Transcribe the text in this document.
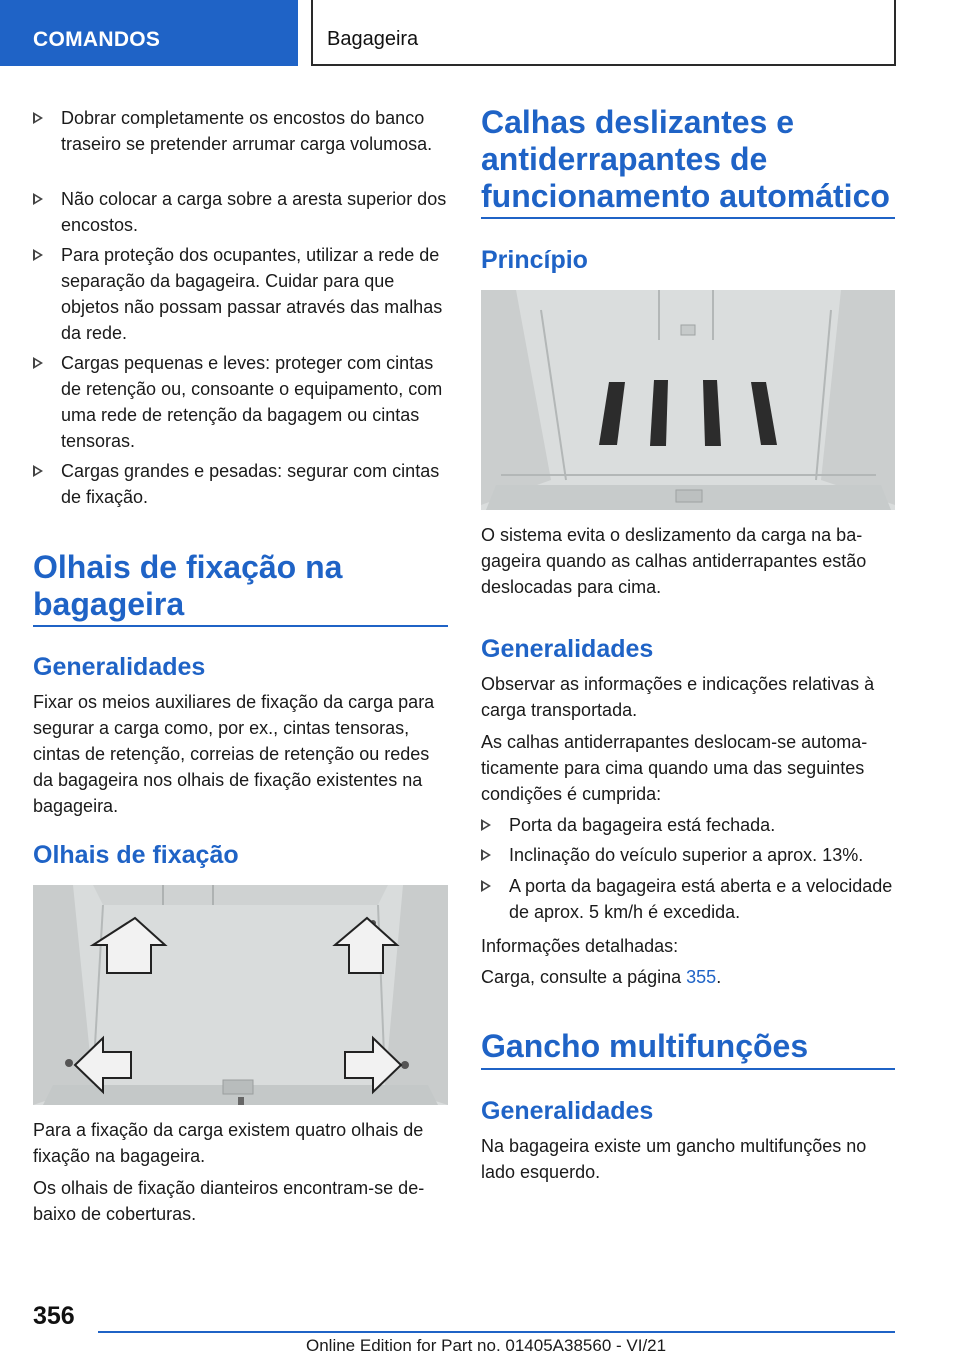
COMANDOS	Bagageira
Dobrar completamente os encostos do banco traseiro se pretender arrumar carga volumosa.
Não colocar a carga sobre a aresta superior dos encostos.
Para proteção dos ocupantes, utilizar a rede de separação da bagageira. Cuidar para que objetos não possam passar através das malhas da rede.
Cargas pequenas e leves: proteger com cintas de retenção ou, consoante o equipamento, com uma rede de retenção da bagagem ou cintas tensoras.
Cargas grandes e pesadas: segurar com cintas de fixação.
Olhais de fixação na bagageira
Generalidades
Fixar os meios auxiliares de fixação da carga para segurar a carga como, por ex., cintas tensoras, cintas de retenção, correias de retenção ou redes da bagageira nos olhais de fixação existentes na bagageira.
Olhais de fixação
Para a fixação da carga existem quatro olhais de fixação na bagageira.
Os olhais de fixação dianteiros encontram-se debaixo de coberturas.
Calhas deslizantes e antiderrapantes de funcionamento automático
Princípio
O sistema evita o deslizamento da carga na bagageira quando as calhas antiderrapantes estão deslocadas para cima.
Generalidades
Observar as informações e indicações relativas à carga transportada.
As calhas antiderrapantes deslocam-se automaticamente para cima quando uma das seguintes condições é cumprida:
Porta da bagageira está fechada.
Inclinação do veículo superior a aprox. 13%.
A porta da bagageira está aberta e a velocidade de aprox. 5 km/h é excedida.
Informações detalhadas:
Carga, consulte a página 355.
Gancho multifunções
Generalidades
Na bagageira existe um gancho multifunções no lado esquerdo.
356
Online Edition for Part no. 01405A38560 - VI/21
